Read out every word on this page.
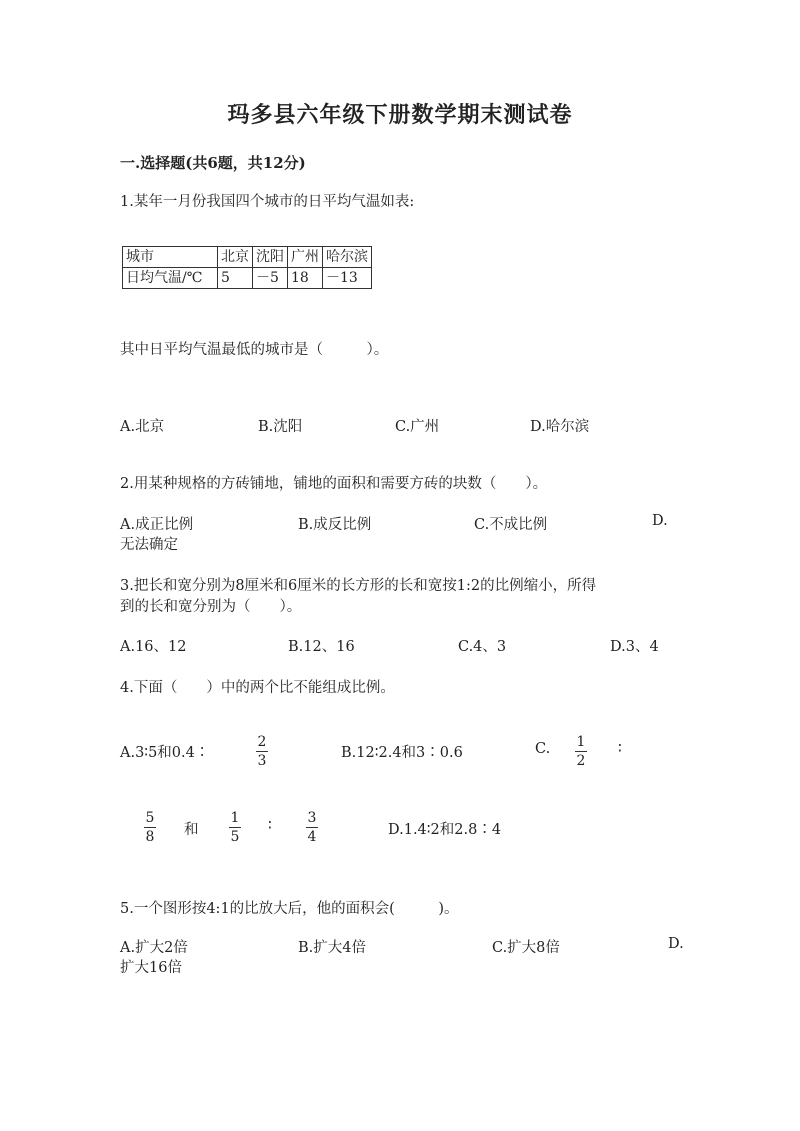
玛多县六年级下册数学期末测试卷
一.选择题(共6题，共12分)
1.某年一月份我国四个城市的日平均气温如表:
城市	北京	沈阳	广州	哈尔滨
日均气温/℃	5	－5	18	－13
其中日平均气温最低的城市是（　　　）。
A.北京	B.沈阳	C.广州	D.哈尔滨
2.用某种规格的方砖铺地，铺地的面积和需要方砖的块数（　　）。
A.成正比例	B.成反比例	C.不成比例	D.
无法确定
3.把长和宽分别为8厘米和6厘米的长方形的长和宽按1:2的比例缩小，所得
到的长和宽分别为（　　）。
A.16、12	B.12、16	C.4、3	D.3、4
4.下面（　　）中的两个比不能组成比例。
A.3∶5和0.4∶
2
3	B.12∶2.4和3∶0.6	C. 1
2
∶
5
8 和
1
5
∶	3
4	D.1.4∶2和2.8∶4
5.一个图形按4:1的比放大后，他的面积会(　　　)。
A.扩大2倍	B.扩大4倍	C.扩大8倍	D.
扩大16倍
